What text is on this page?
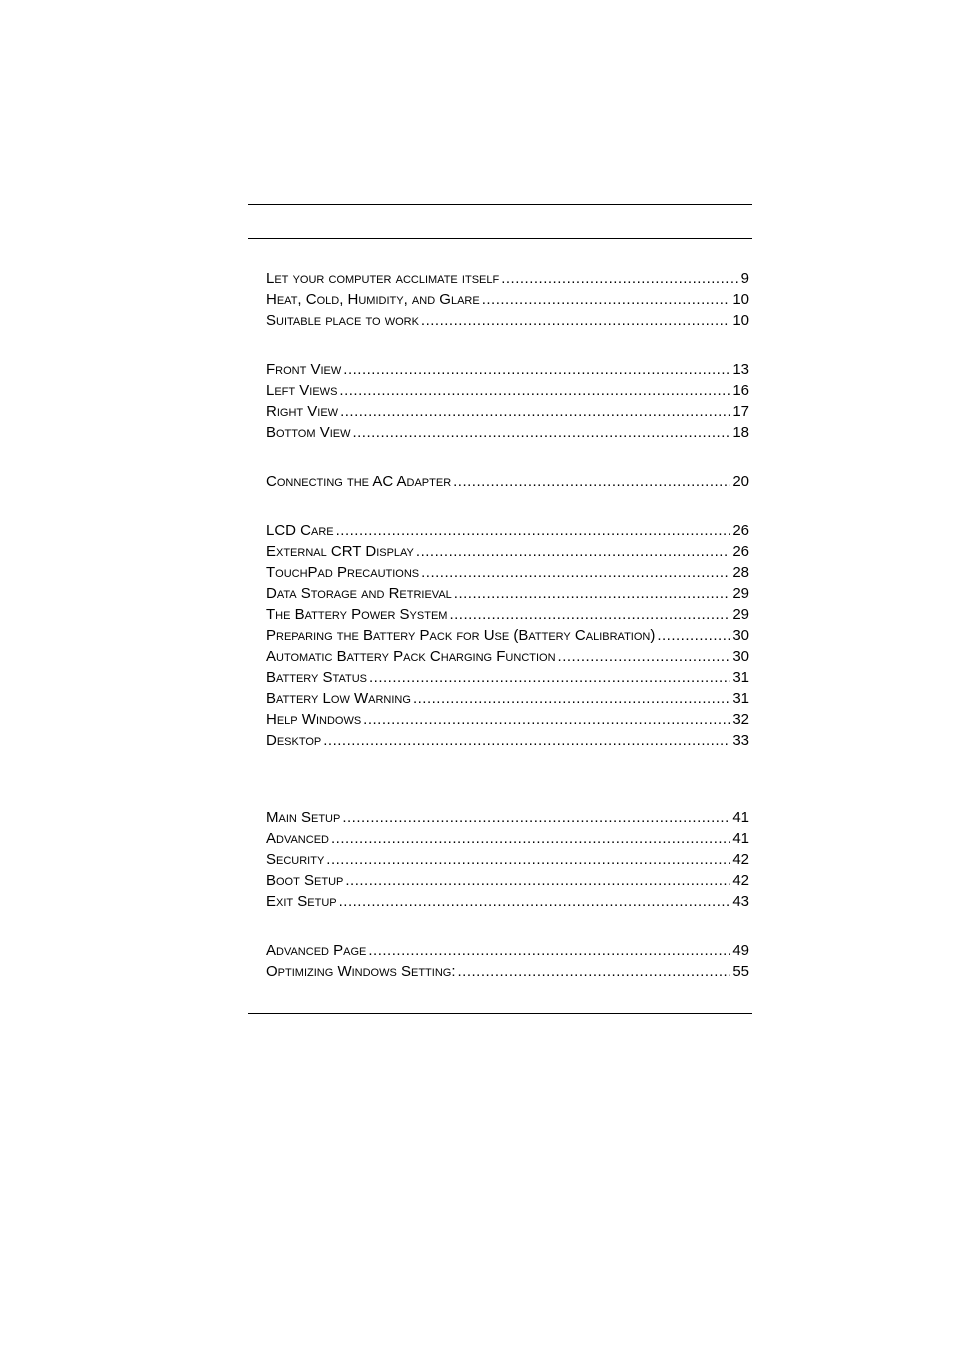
Let your computer acclimate itself .....	9
Heat, Cold, Humidity, and Glare .....	10
Suitable place to work .....	10
Front View .....	13
Left Views .....	16
Right View .....	17
Bottom View .....	18
Connecting the AC Adapter .....	20
LCD Care .....	26
External CRT Display .....	26
TouchPad Precautions .....	28
Data Storage and Retrieval .....	29
The Battery Power System .....	29
Preparing the Battery Pack for Use (Battery Calibration) .....	30
Automatic Battery Pack Charging Function .....	30
Battery Status .....	31
Battery Low Warning .....	31
Help Windows .....	32
Desktop .....	33
Main Setup .....	41
Advanced .....	41
Security .....	42
Boot Setup .....	42
Exit Setup .....	43
Advanced Page .....	49
Optimizing Windows Setting: .....	55
